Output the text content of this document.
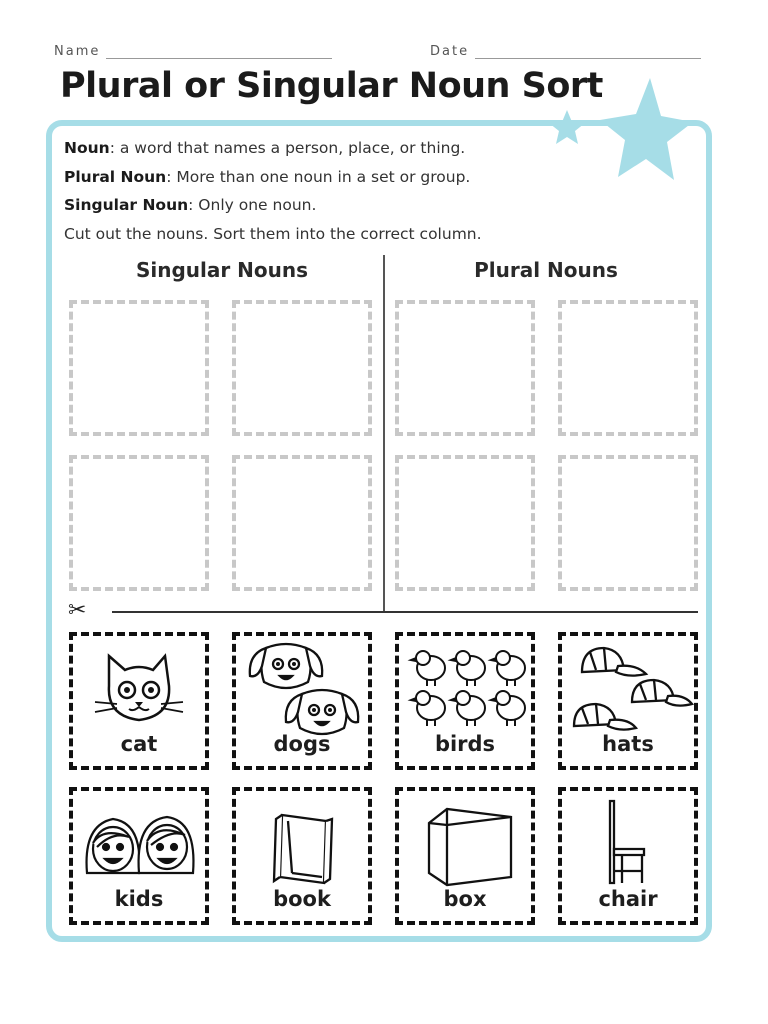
Name	Date
Plural or Singular Noun Sort
Noun: a word that names a person, place, or thing.
Plural Noun: More than one noun in a set or group.
Singular Noun: Only one noun.
Cut out the nouns. Sort them into the correct column.
Singular Nouns	Plural Nouns
✂
cat	dogs	birds	hats
kids	book	box	chair
